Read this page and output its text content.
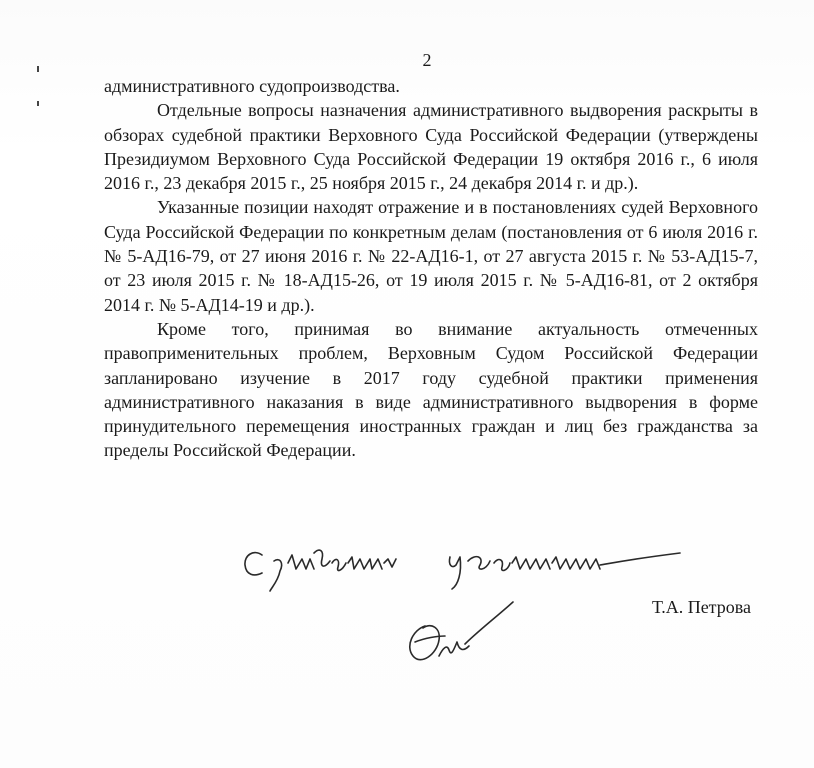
2

административного судопроизводства.

Отдельные вопросы назначения административного выдворения раскрыты в обзорах судебной практики Верховного Суда Российской Федерации (утверждены Президиумом Верховного Суда Российской Федерации 19 октября 2016 г., 6 июля 2016 г., 23 декабря 2015 г., 25 ноября 2015 г., 24 декабря 2014 г. и др.).

Указанные позиции находят отражение и в постановлениях судей Верховного Суда Российской Федерации по конкретным делам (постановления от 6 июля 2016 г. № 5-АД16-79, от 27 июня 2016 г. № 22-АД16-1, от 27 августа 2015 г. № 53-АД15-7, от 23 июля 2015 г. № 18-АД15-26, от 19 июля 2015 г. № 5-АД16-81, от 2 октября 2014 г. № 5-АД14-19 и др.).

Кроме того, принимая во внимание актуальность отмеченных правоприменительных проблем, Верховным Судом Российской Федерации запланировано изучение в 2017 году судебной практики применения административного наказания в виде административного выдворения в форме принудительного перемещения иностранных граждан и лиц без гражданства за пределы Российской Федерации.

Т.А. Петрова
